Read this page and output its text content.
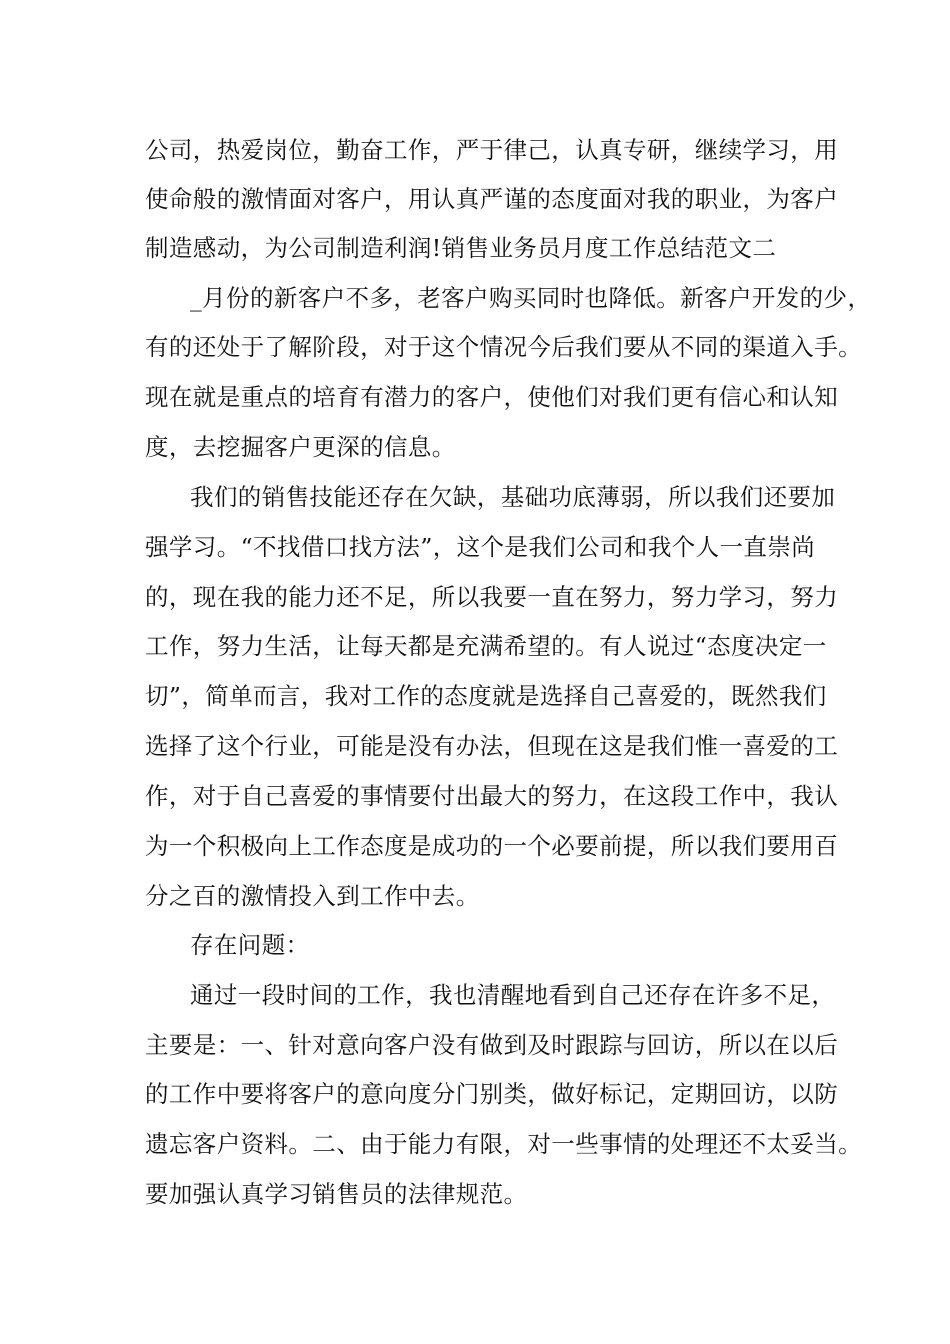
公司，热爱岗位，勤奋工作，严于律己，认真专研，继续学习，用
使命般的激情面对客户，用认真严谨的态度面对我的职业，为客户
制造感动，为公司制造利润!销售业务员月度工作总结范文二
_月份的新客户不多，老客户购买同时也降低。新客户开发的少，
有的还处于了解阶段，对于这个情况今后我们要从不同的渠道入手。
现在就是重点的培育有潜力的客户，使他们对我们更有信心和认知
度，去挖掘客户更深的信息。
我们的销售技能还存在欠缺，基础功底薄弱，所以我们还要加
强学习。“不找借口找方法”，这个是我们公司和我个人一直崇尚
的，现在我的能力还不足，所以我要一直在努力，努力学习，努力
工作，努力生活，让每天都是充满希望的。有人说过“态度决定一
切”，简单而言，我对工作的态度就是选择自己喜爱的，既然我们
选择了这个行业，可能是没有办法，但现在这是我们惟一喜爱的工
作，对于自己喜爱的事情要付出最大的努力，在这段工作中，我认
为一个积极向上工作态度是成功的一个必要前提，所以我们要用百
分之百的激情投入到工作中去。
存在问题：
通过一段时间的工作，我也清醒地看到自己还存在许多不足，
主要是：一、针对意向客户没有做到及时跟踪与回访，所以在以后
的工作中要将客户的意向度分门别类，做好标记，定期回访，以防
遗忘客户资料。二、由于能力有限，对一些事情的处理还不太妥当。
要加强认真学习销售员的法律规范。
